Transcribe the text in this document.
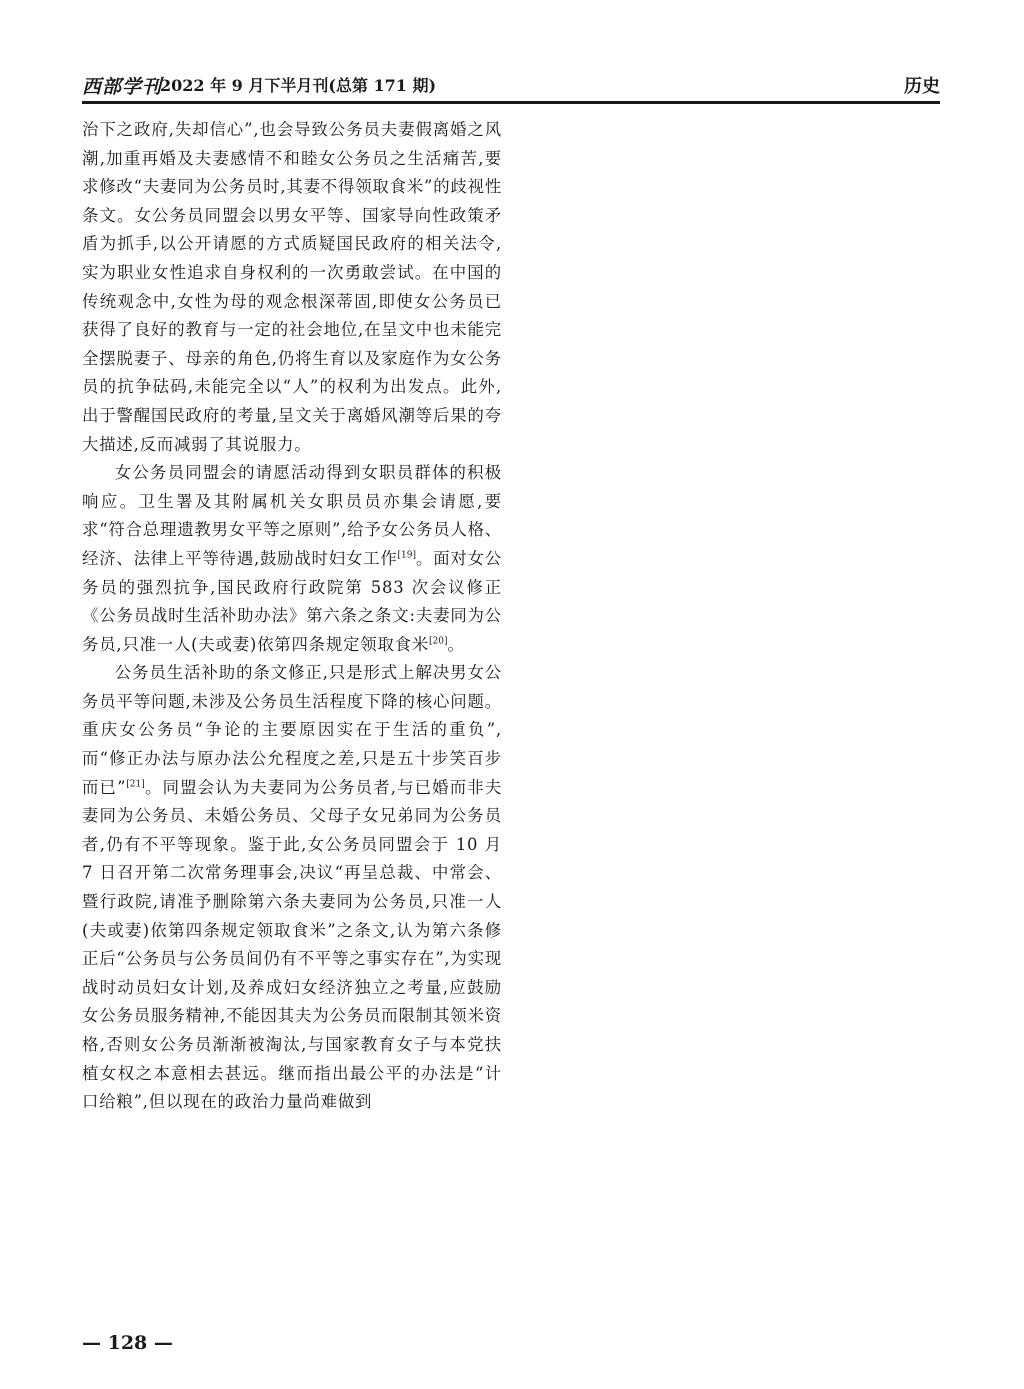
西部学刊
2022 年 9 月下半月刊(总第 171 期)	历史

治下之政府,失却信心”,也会导致公务员夫妻假离婚之风潮,加重再婚及夫妻感情不和睦女公务员之生活痛苦,要求修改“夫妻同为公务员时,其妻不得领取食米”的歧视性条文。女公务员同盟会以男女平等、国家导向性政策矛盾为抓手,以公开请愿的方式质疑国民政府的相关法令,实为职业女性追求自身权利的一次勇敢尝试。在中国的传统观念中,女性为母的观念根深蒂固,即使女公务员已获得了良好的教育与一定的社会地位,在呈文中也未能完全摆脱妻子、母亲的角色,仍将生育以及家庭作为女公务员的抗争砝码,未能完全以“人”的权利为出发点。此外,出于警醒国民政府的考量,呈文关于离婚风潮等后果的夸大描述,反而减弱了其说服力。

女公务员同盟会的请愿活动得到女职员群体的积极响应。卫生署及其附属机关女职员员亦集会请愿,要求“符合总理遗教男女平等之原则”,给予女公务员人格、经济、法律上平等待遇,鼓励战时妇女工作[19]。面对女公务员的强烈抗争,国民政府行政院第 583 次会议修正《公务员战时生活补助办法》第六条之条文:夫妻同为公务员,只准一人(夫或妻)依第四条规定领取食米[20]。

公务员生活补助的条文修正,只是形式上解决男女公务员平等问题,未涉及公务员生活程度下降的核心问题。重庆女公务员“争论的主要原因实在于生活的重负”,而“修正办法与原办法公允程度之差,只是五十步笑百步而已”[21]。同盟会认为夫妻同为公务员者,与已婚而非夫妻同为公务员、未婚公务员、父母子女兄弟同为公务员者,仍有不平等现象。鉴于此,女公务员同盟会于 10 月 7 日召开第二次常务理事会,决议“再呈总裁、中常会、暨行政院,请准予删除第六条夫妻同为公务员,只准一人(夫或妻)依第四条规定领取食米”之条文,认为第六条修正后“公务员与公务员间仍有不平等之事实存在”,为实现战时动员妇女计划,及养成妇女经济独立之考量,应鼓励女公务员服务精神,不能因其夫为公务员而限制其领米资格,否则女公务员渐渐被淘汰,与国家教育女子与本党扶植女权之本意相去甚远。继而指出最公平的办法是“计口给粮”,但以现在的政治力量尚难做到

— 128 —
